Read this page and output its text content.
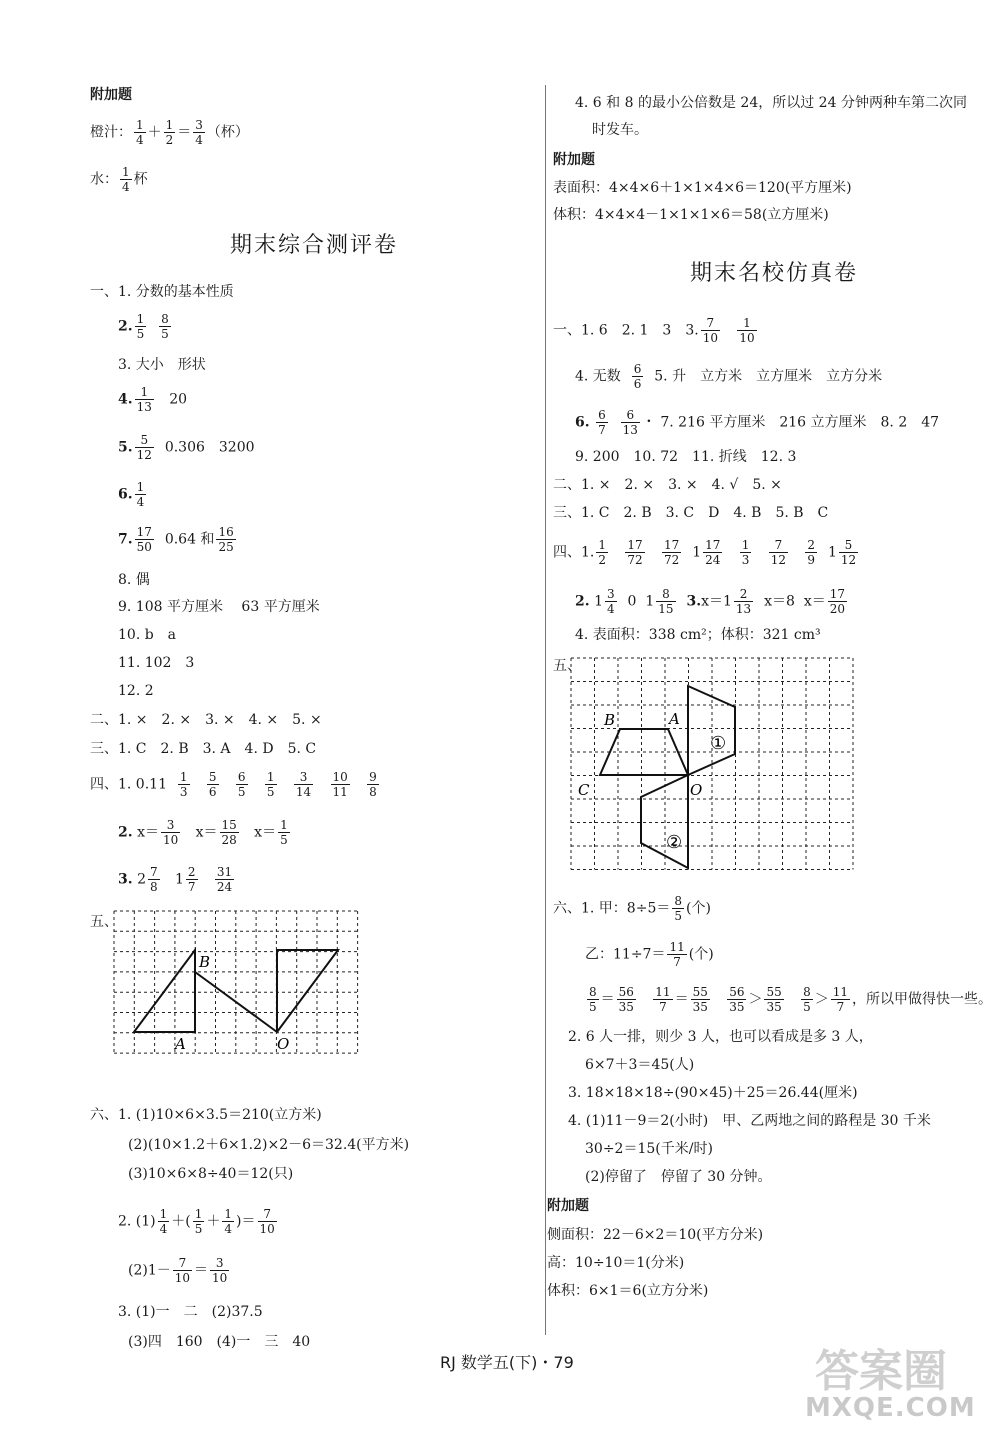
附加题
橙汁： $\frac{1}{4} + \frac{1}{2} = \frac{3}{4}$ （杯）
水： $\frac{1}{4}$ 杯
期末综合测评卷
一、1. 分数的基本性质
2. $\frac{1}{5}$
$\frac{8}{5}$
3. 大小　形状
4. $\frac{1}{13} 20$
5. $\frac{5}{12} 0.306$　3200
6. $\frac{1}{4}$
7. $\frac{17}{50} 0.64$ 和 $\frac{16}{25}$
8. 偶
9. 108 平方厘米　 63 平方厘米
10. b　a
11. 102　3
12. 2
二、1. ×　2. ×　3. ×　4. ×　5. ×
三、1. C　2. B　3. A　4. D　5. C
四、1. $0.11 \frac{1}{3}$
$\frac{5}{6}$
$\frac{6}{5}$
$\frac{1}{5}$
$\frac{3}{14}$
$\frac{10}{11}$
$\frac{9}{8}$
2. $x= \frac{3}{10} x= \frac{15}{28} x= \frac{1}{5}$
3. $2 \frac{7}{8} 1 \frac{2}{7}$
$\frac{31}{24}$
五、
B
A	O
六、1. (1)10×6×3.5＝210(立方米)
(2)(10×1.2＋6×1.2)×2－6＝32.4(平方米)
(3)10×6×8÷40＝12(只)
2. $(1) \frac{1}{4}$ ＋( $\frac{1}{5} + \frac{1}{4}$ )＝ $\frac{7}{10}$
$(2)1- \frac{7}{10} = \frac{3}{10}$
3. (1)一　二　(2)37.5
(3)四　160　(4)一　三　40
4. 6 和 8 的最小公倍数是 24，所以过 24 分钟两种车第二次同
时发车。
附加题
表面积：4×4×6＋1×1×4×6＝120(平方厘米)
体积：4×4×4－1×1×1×6＝58(立方厘米)
期末名校仿真卷
一、1. 6　2. 1　3　3. $\frac{7}{10}$
$\frac{1}{10}$
4. 无数 $\frac{6}{6} 5$. 升　立方米　立方厘米　立方分米
6. $\frac{6}{7}$
$\frac{6}{13}$ ・ 7. 216 平方厘米　216 立方厘米　8. 2　47
9. 200　10. 72　11. 折线　12. 3
二、1. ×　2. ×　3. ×　4. √　5. ×
三、1. C　2. B　3. C　D　4. B　5. B　C
四、1. $\frac{1}{2}$
$\frac{17}{72}$
$\frac{17}{72} 1 \frac{17}{24}$
$\frac{1}{3}$
$\frac{7}{12}$
$\frac{2}{9} 1 \frac{5}{12}$
2. $1 \frac{3}{4} 0$ $1 \frac{8}{15} 3.x=1 \frac{2}{13} x=8$ $x= \frac{17}{20}$
4. 表面积：338 cm²；体积：321 cm³
五、
B	A
C	O
①
②
六、1. 甲：$8\div 5= \frac{8}{5}$ (个)
乙：$11\div 7= \frac{11}{7}$ (个)
$\frac{8}{5} = \frac{56}{35}$
$\frac{11}{7} = \frac{55}{35}$
$\frac{56}{35} > \frac{55}{35}$
$\frac{8}{5} > \frac{11}{7}$ ，所以甲做得快一些。
2. 6 人一排，则少 3 人，也可以看成是多 3 人，
6×7＋3＝45(人)
3. 18×18×18÷(90×45)＋25＝26.44(厘米)
4. (1)11－9＝2(小时)　甲、乙两地之间的路程是 30 千米
30÷2＝15(千米/时)
(2)停留了　停留了 30 分钟。
附加题
侧面积：22－6×2＝10(平方分米)
高：10÷10＝1(分米)
体积：6×1＝6(立方分米)
RJ 数学五(下)・79	答案圈
MXQE.COM
